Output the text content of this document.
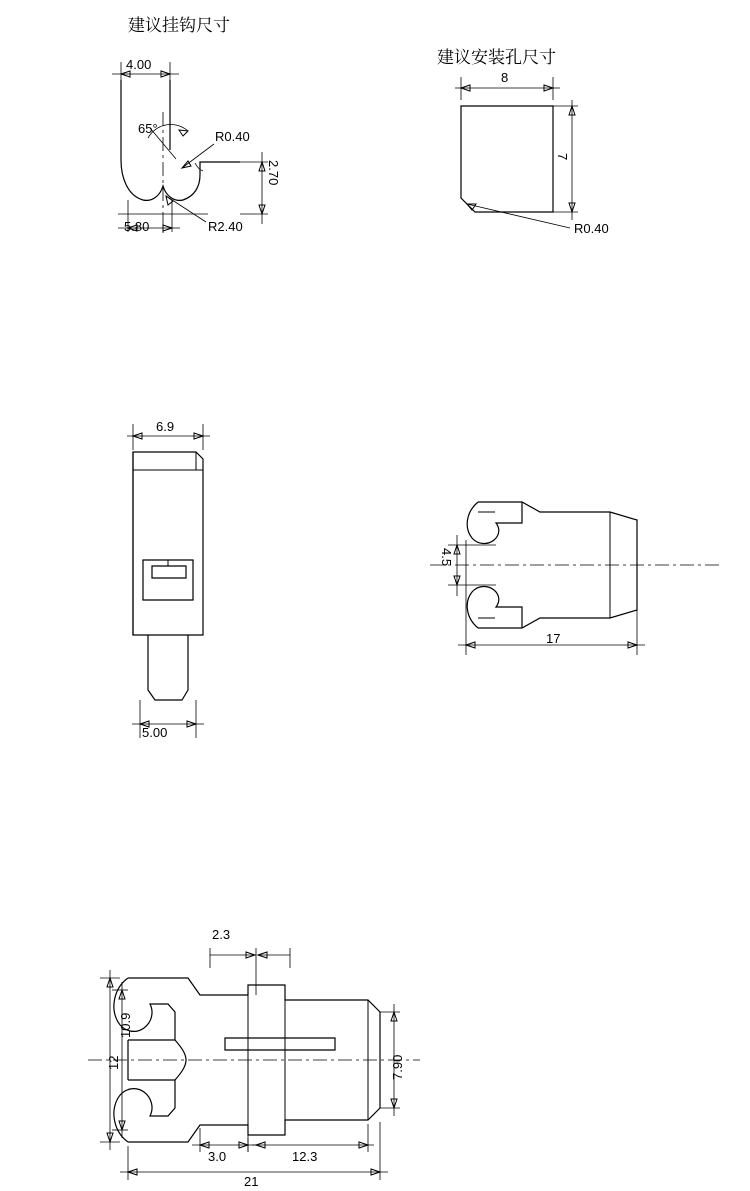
建议挂钩尺寸
建议安装孔尺寸
4.00
65°
R0.40
2.70
5.80	R2.40
8
7
R0.40
6.9
5.00
4.5
17
2.3
10.9
12	7.90
3.0	12.3
21
